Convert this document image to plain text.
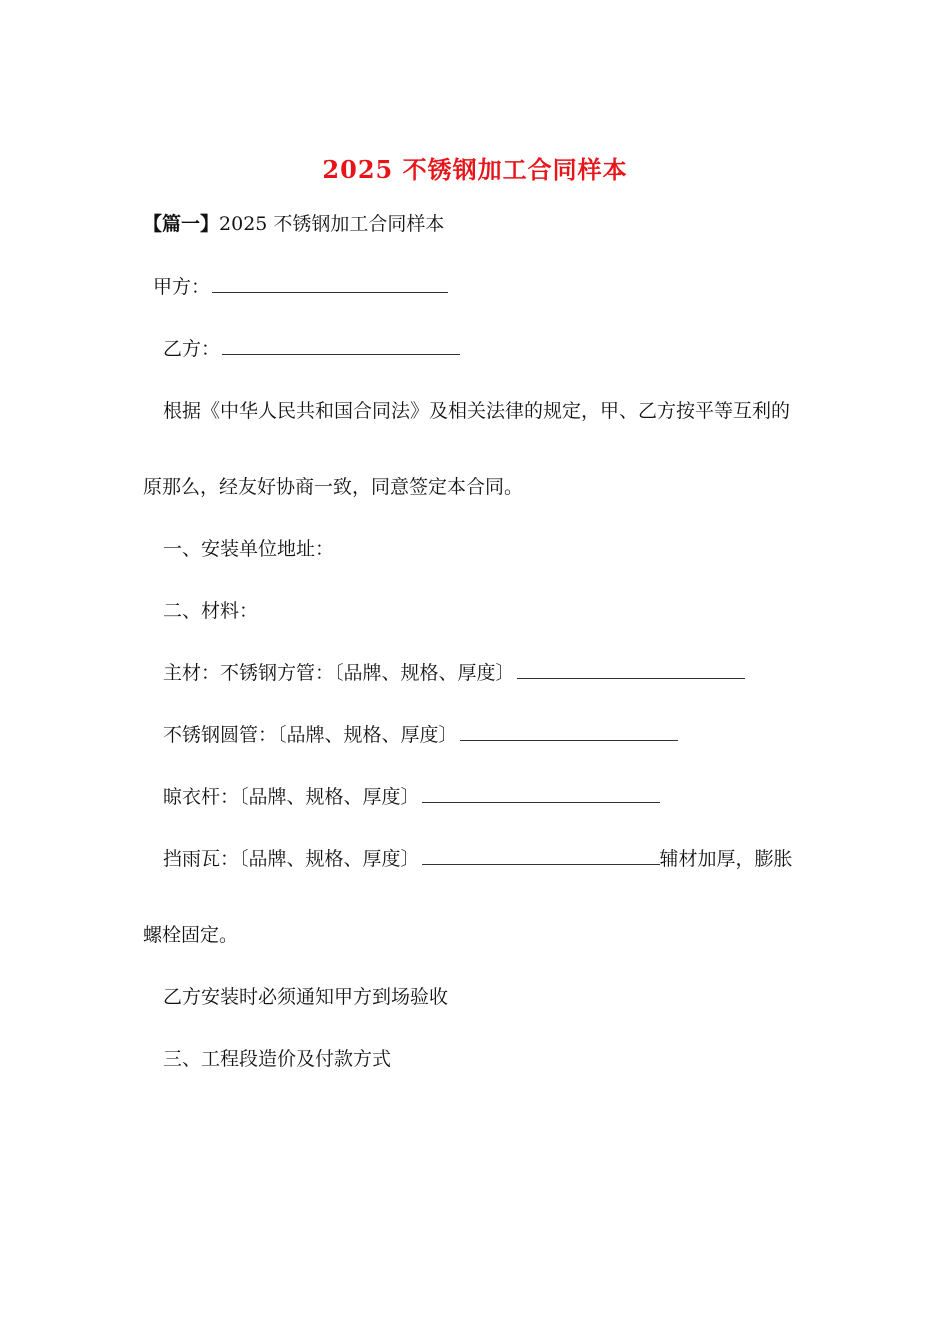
2025 不锈钢加工合同样本
【篇一】2025 不锈钢加工合同样本
甲方：
乙方：
根据《中华人民共和国合同法》及相关法律的规定，甲、乙方按平等互利的
原那么，经友好协商一致，同意签定本合同。
一、安装单位地址：
二、材料：
主材：不锈钢方管：〔品牌、规格、厚度〕
不锈钢圆管：〔品牌、规格、厚度〕
晾衣杆：〔品牌、规格、厚度〕
挡雨瓦：〔品牌、规格、厚度〕	辅材加厚，膨胀
螺栓固定。
乙方安装时必须通知甲方到场验收
三、工程段造价及付款方式
